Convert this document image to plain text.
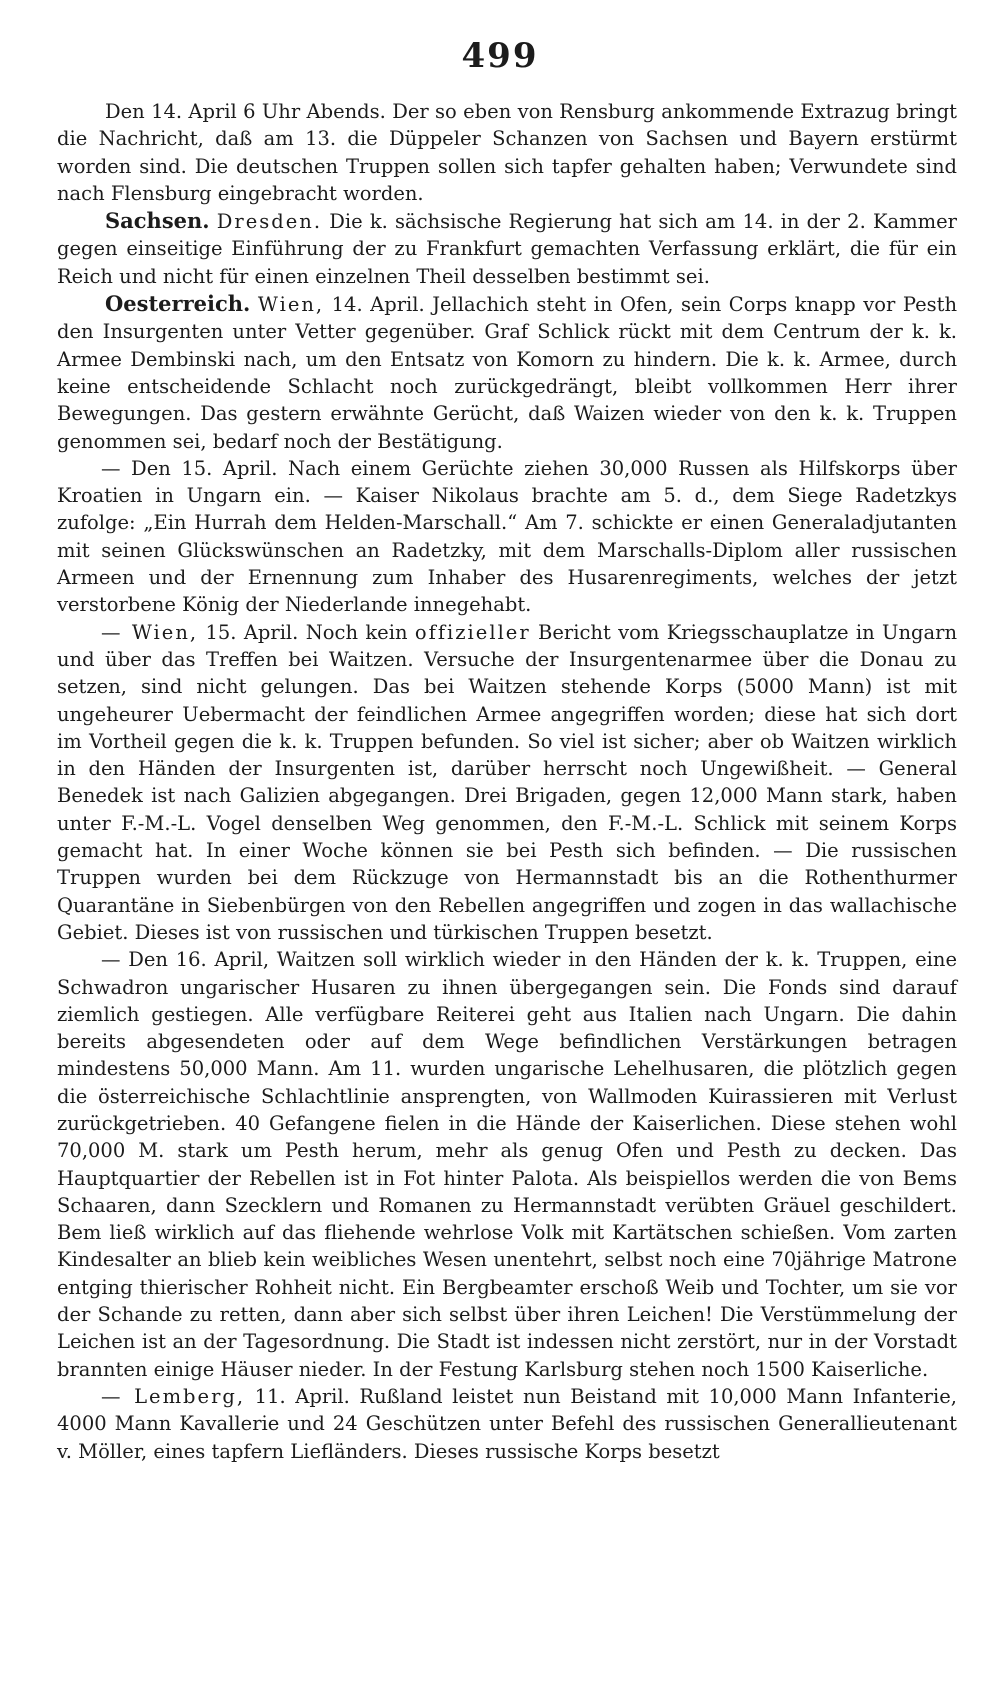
499

Den 14. April 6 Uhr Abends. Der so eben von Rensburg ankommende Extrazug bringt die Nachricht, daß am 13. die Düppeler Schanzen von Sachsen und Bayern erstürmt worden sind. Die deutschen Truppen sollen sich tapfer gehalten haben; Verwundete sind nach Flensburg eingebracht worden.

Sachsen. Dresden. Die k. sächsische Regierung hat sich am 14. in der 2. Kammer gegen einseitige Einführung der zu Frankfurt gemachten Verfassung erklärt, die für ein Reich und nicht für einen einzelnen Theil desselben bestimmt sei.

Oesterreich. Wien, 14. April. Jellachich steht in Ofen, sein Corps knapp vor Pesth den Insurgenten unter Vetter gegenüber. Graf Schlick rückt mit dem Centrum der k. k. Armee Dembinski nach, um den Entsatz von Komorn zu hindern. Die k. k. Armee, durch keine entscheidende Schlacht noch zurückgedrängt, bleibt vollkommen Herr ihrer Bewegungen. Das gestern erwähnte Gerücht, daß Waizen wieder von den k. k. Truppen genommen sei, bedarf noch der Bestätigung.

— Den 15. April. Nach einem Gerüchte ziehen 30,000 Russen als Hilfskorps über Kroatien in Ungarn ein. — Kaiser Nikolaus brachte am 5. d., dem Siege Radetzkys zufolge: „Ein Hurrah dem Helden-Marschall.“ Am 7. schickte er einen Generaladjutanten mit seinen Glückswünschen an Radetzky, mit dem Marschalls-Diplom aller russischen Armeen und der Ernennung zum Inhaber des Husarenregiments, welches der jetzt verstorbene König der Niederlande innegehabt.

— Wien, 15. April. Noch kein offizieller Bericht vom Kriegsschauplatze in Ungarn und über das Treffen bei Waitzen. Versuche der Insurgentenarmee über die Donau zu setzen, sind nicht gelungen. Das bei Waitzen stehende Korps (5000 Mann) ist mit ungeheurer Uebermacht der feindlichen Armee angegriffen worden; diese hat sich dort im Vortheil gegen die k. k. Truppen befunden. So viel ist sicher; aber ob Waitzen wirklich in den Händen der Insurgenten ist, darüber herrscht noch Ungewißheit. — General Benedek ist nach Galizien abgegangen. Drei Brigaden, gegen 12,000 Mann stark, haben unter F.-M.-L. Vogel denselben Weg genommen, den F.-M.-L. Schlick mit seinem Korps gemacht hat. In einer Woche können sie bei Pesth sich befinden. — Die russischen Truppen wurden bei dem Rückzuge von Hermannstadt bis an die Rothenthurmer Quarantäne in Siebenbürgen von den Rebellen angegriffen und zogen in das wallachische Gebiet. Dieses ist von russischen und türkischen Truppen besetzt.

— Den 16. April, Waitzen soll wirklich wieder in den Händen der k. k. Truppen, eine Schwadron ungarischer Husaren zu ihnen übergegangen sein. Die Fonds sind darauf ziemlich gestiegen. Alle verfügbare Reiterei geht aus Italien nach Ungarn. Die dahin bereits abgesendeten oder auf dem Wege befindlichen Verstärkungen betragen mindestens 50,000 Mann. Am 11. wurden ungarische Lehelhusaren, die plötzlich gegen die österreichische Schlachtlinie ansprengten, von Wallmoden Kuirassieren mit Verlust zurückgetrieben. 40 Gefangene fielen in die Hände der Kaiserlichen. Diese stehen wohl 70,000 M. stark um Pesth herum, mehr als genug Ofen und Pesth zu decken. Das Hauptquartier der Rebellen ist in Fot hinter Palota. Als beispiellos werden die von Bems Schaaren, dann Szecklern und Romanen zu Hermannstadt verübten Gräuel geschildert. Bem ließ wirklich auf das fliehende wehrlose Volk mit Kartätschen schießen. Vom zarten Kindesalter an blieb kein weibliches Wesen unentehrt, selbst noch eine 70jährige Matrone entging thierischer Rohheit nicht. Ein Bergbeamter erschoß Weib und Tochter, um sie vor der Schande zu retten, dann aber sich selbst über ihren Leichen! Die Verstümmelung der Leichen ist an der Tagesordnung. Die Stadt ist indessen nicht zerstört, nur in der Vorstadt brannten einige Häuser nieder. In der Festung Karlsburg stehen noch 1500 Kaiserliche.

— Lemberg, 11. April. Rußland leistet nun Beistand mit 10,000 Mann Infanterie, 4000 Mann Kavallerie und 24 Geschützen unter Befehl des russischen Generallieutenant v. Möller, eines tapfern Liefländers. Dieses russische Korps besetzt
